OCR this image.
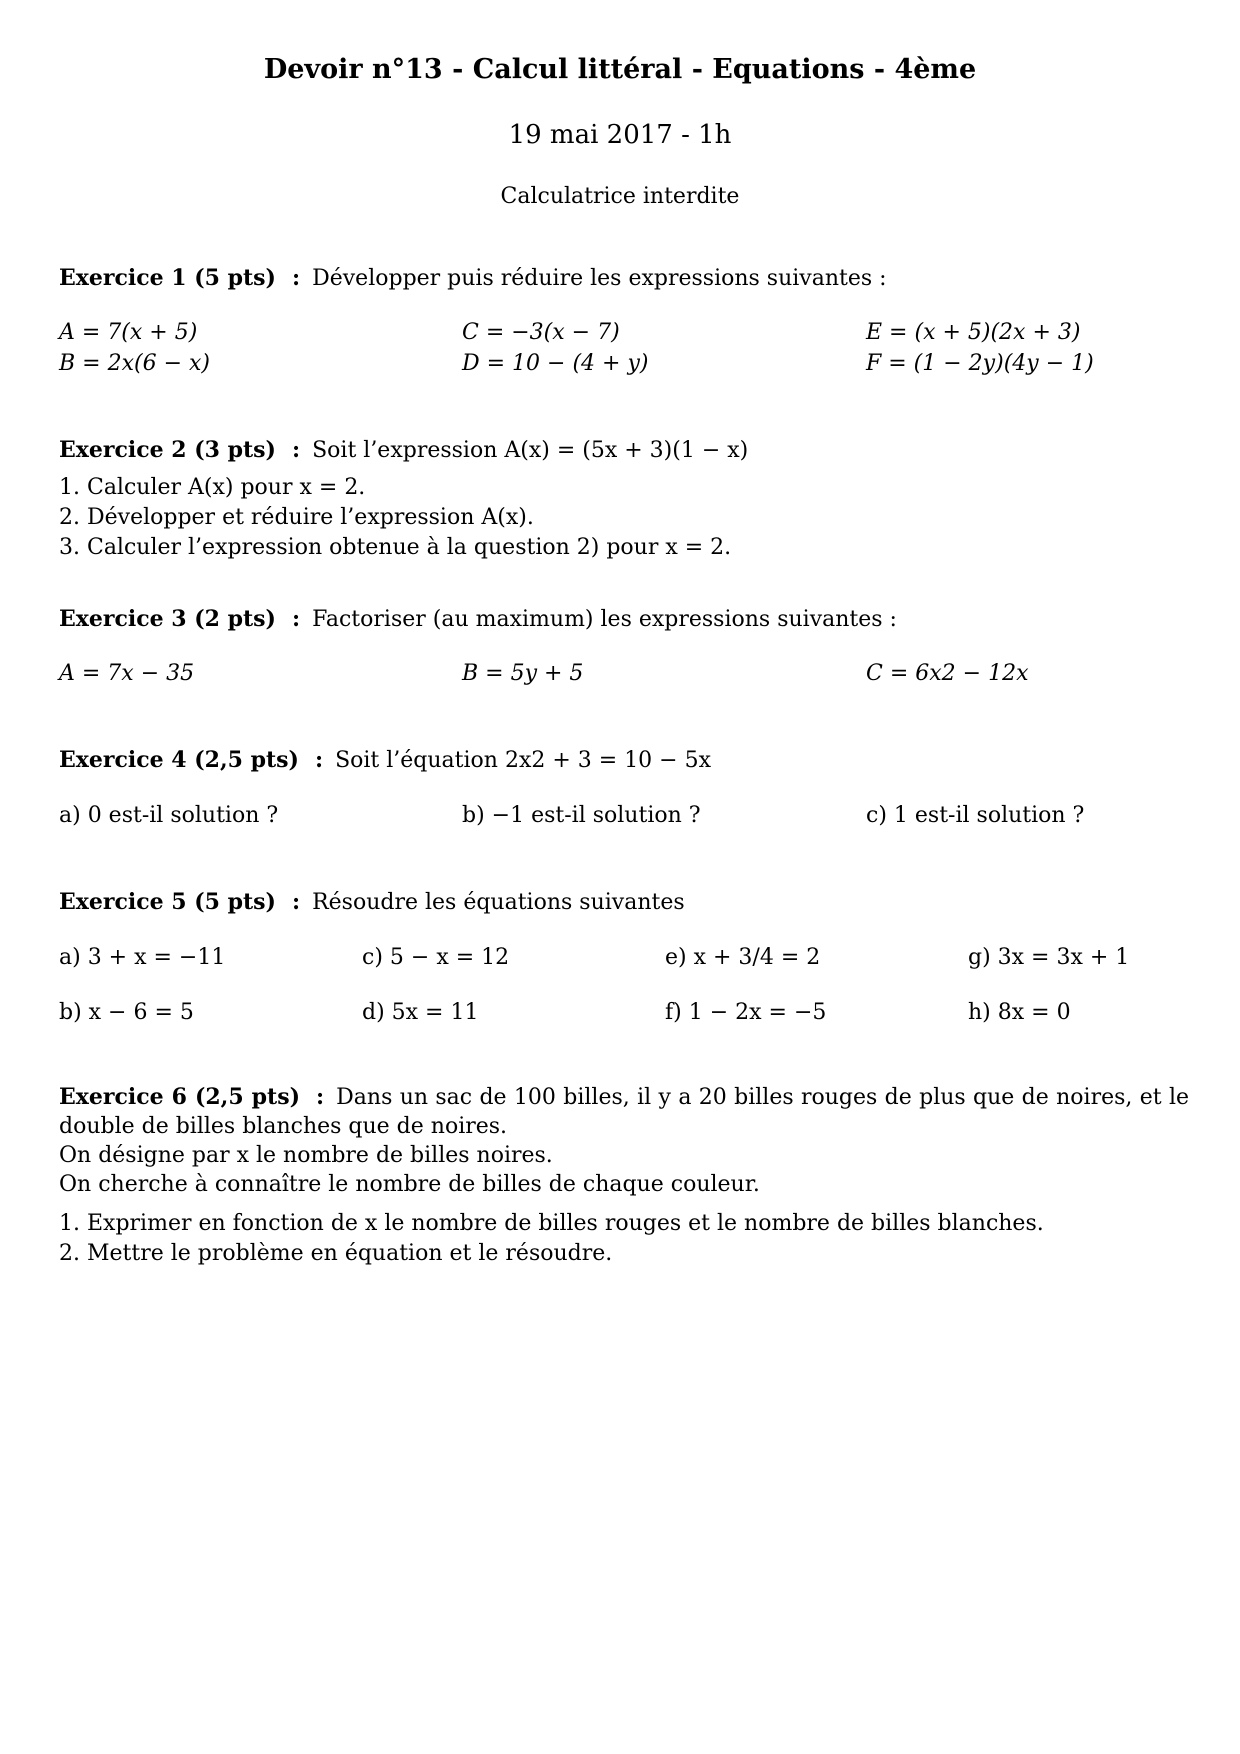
Devoir n°13 - Calcul littéral - Equations - 4ème
19 mai 2017 - 1h
Calculatrice interdite
Exercice 1 (5 pts) : Développer puis réduire les expressions suivantes :
A = 7(x + 5)	C = −3(x − 7)	E = (x + 5)(2x + 3)
B = 2x(6 − x)	D = 10 − (4 + y)	F = (1 − 2y)(4y − 1)
Exercice 2 (3 pts) : Soit l’expression A(x) = (5x + 3)(1 − x)
1. Calculer A(x) pour x = 2.
2. Développer et réduire l’expression A(x).
3. Calculer l’expression obtenue à la question 2) pour x = 2.
Exercice 3 (2 pts) : Factoriser (au maximum) les expressions suivantes :
A = 7x − 35	B = 5y + 5	C = 6x2 − 12x
Exercice 4 (2,5 pts) : Soit l’équation 2x2 + 3 = 10 − 5x
a) 0 est-il solution ?	b) −1 est-il solution ?	c) 1 est-il solution ?
Exercice 5 (5 pts) : Résoudre les équations suivantes
a) 3 + x = −11	c) 5 − x = 12	e) x + 3/4 = 2	g) 3x = 3x + 1
b) x − 6 = 5	d) 5x = 11	f) 1 − 2x = −5	h) 8x = 0
Exercice 6 (2,5 pts) : Dans un sac de 100 billes, il y a 20 billes rouges de plus que de noires, et le double de billes blanches que de noires.
On désigne par x le nombre de billes noires.
On cherche à connaître le nombre de billes de chaque couleur.
1. Exprimer en fonction de x le nombre de billes rouges et le nombre de billes blanches.
2. Mettre le problème en équation et le résoudre.
